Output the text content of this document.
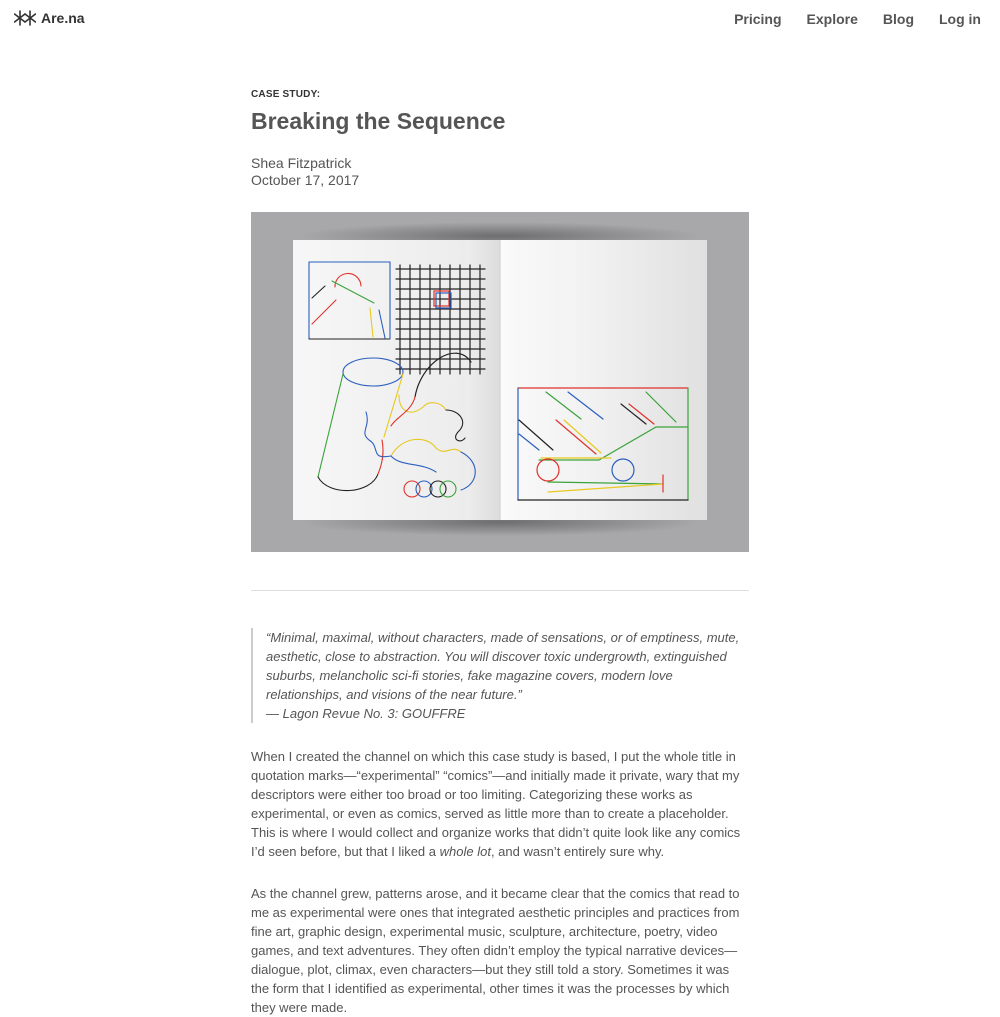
Are.na	Pricing Explore Blog Log in
CASE STUDY:
Breaking the Sequence
Shea Fitzpatrick
October 17, 2017

“Minimal, maximal, without characters, made of sensations, or of emptiness, mute, aesthetic, close to abstraction. You will discover toxic undergrowth, extinguished suburbs, melancholic sci-fi stories, fake magazine covers, modern love relationships, and visions of the near future.”

— Lagon Revue No. 3: GOUFFRE

When I created the channel on which this case study is based, I put the whole title in quotation marks—“experimental” “comics”—and initially made it private, wary that my descriptors were either too broad or too limiting. Categorizing these works as experimental, or even as comics, served as little more than to create a placeholder. This is where I would collect and organize works that didn’t quite look like any comics I’d seen before, but that I liked a whole lot, and wasn’t entirely sure why.

As the channel grew, patterns arose, and it became clear that the comics that read to me as experimental were ones that integrated aesthetic principles and practices from fine art, graphic design, experimental music, sculpture, architecture, poetry, video games, and text adventures. They often didn’t employ the typical narrative devices—dialogue, plot, climax, even characters—but they still told a story. Sometimes it was the form that I identified as experimental, other times it was the processes by which they were made.
